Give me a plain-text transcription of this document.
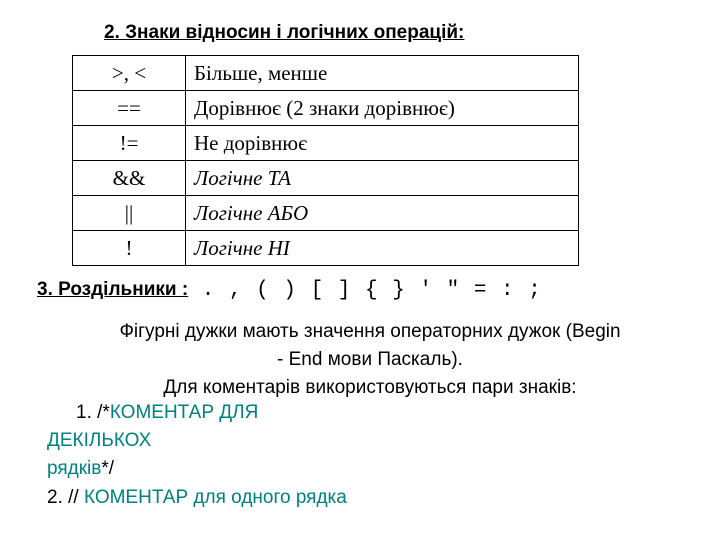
2. Знаки відносин і логічних операцій:
>, <	Більше, менше
==	Дорівнює (2 знаки дорівнює)
!=	Не дорівнює
&&	Логічне ТА
||	Логічне АБО
!	Логічне НІ
3. Роздільники : . , ( ) [ ] { } ' " = : ;
Фігурні дужки мають значення операторних дужок (Begin
- End мови Паскаль).
Для коментарів використовуються пари знаків:
1. /*КОМЕНТАР ДЛЯ
ДЕКІЛЬКОХ
рядків*/
2. // КОМЕНТАР для одного рядка
